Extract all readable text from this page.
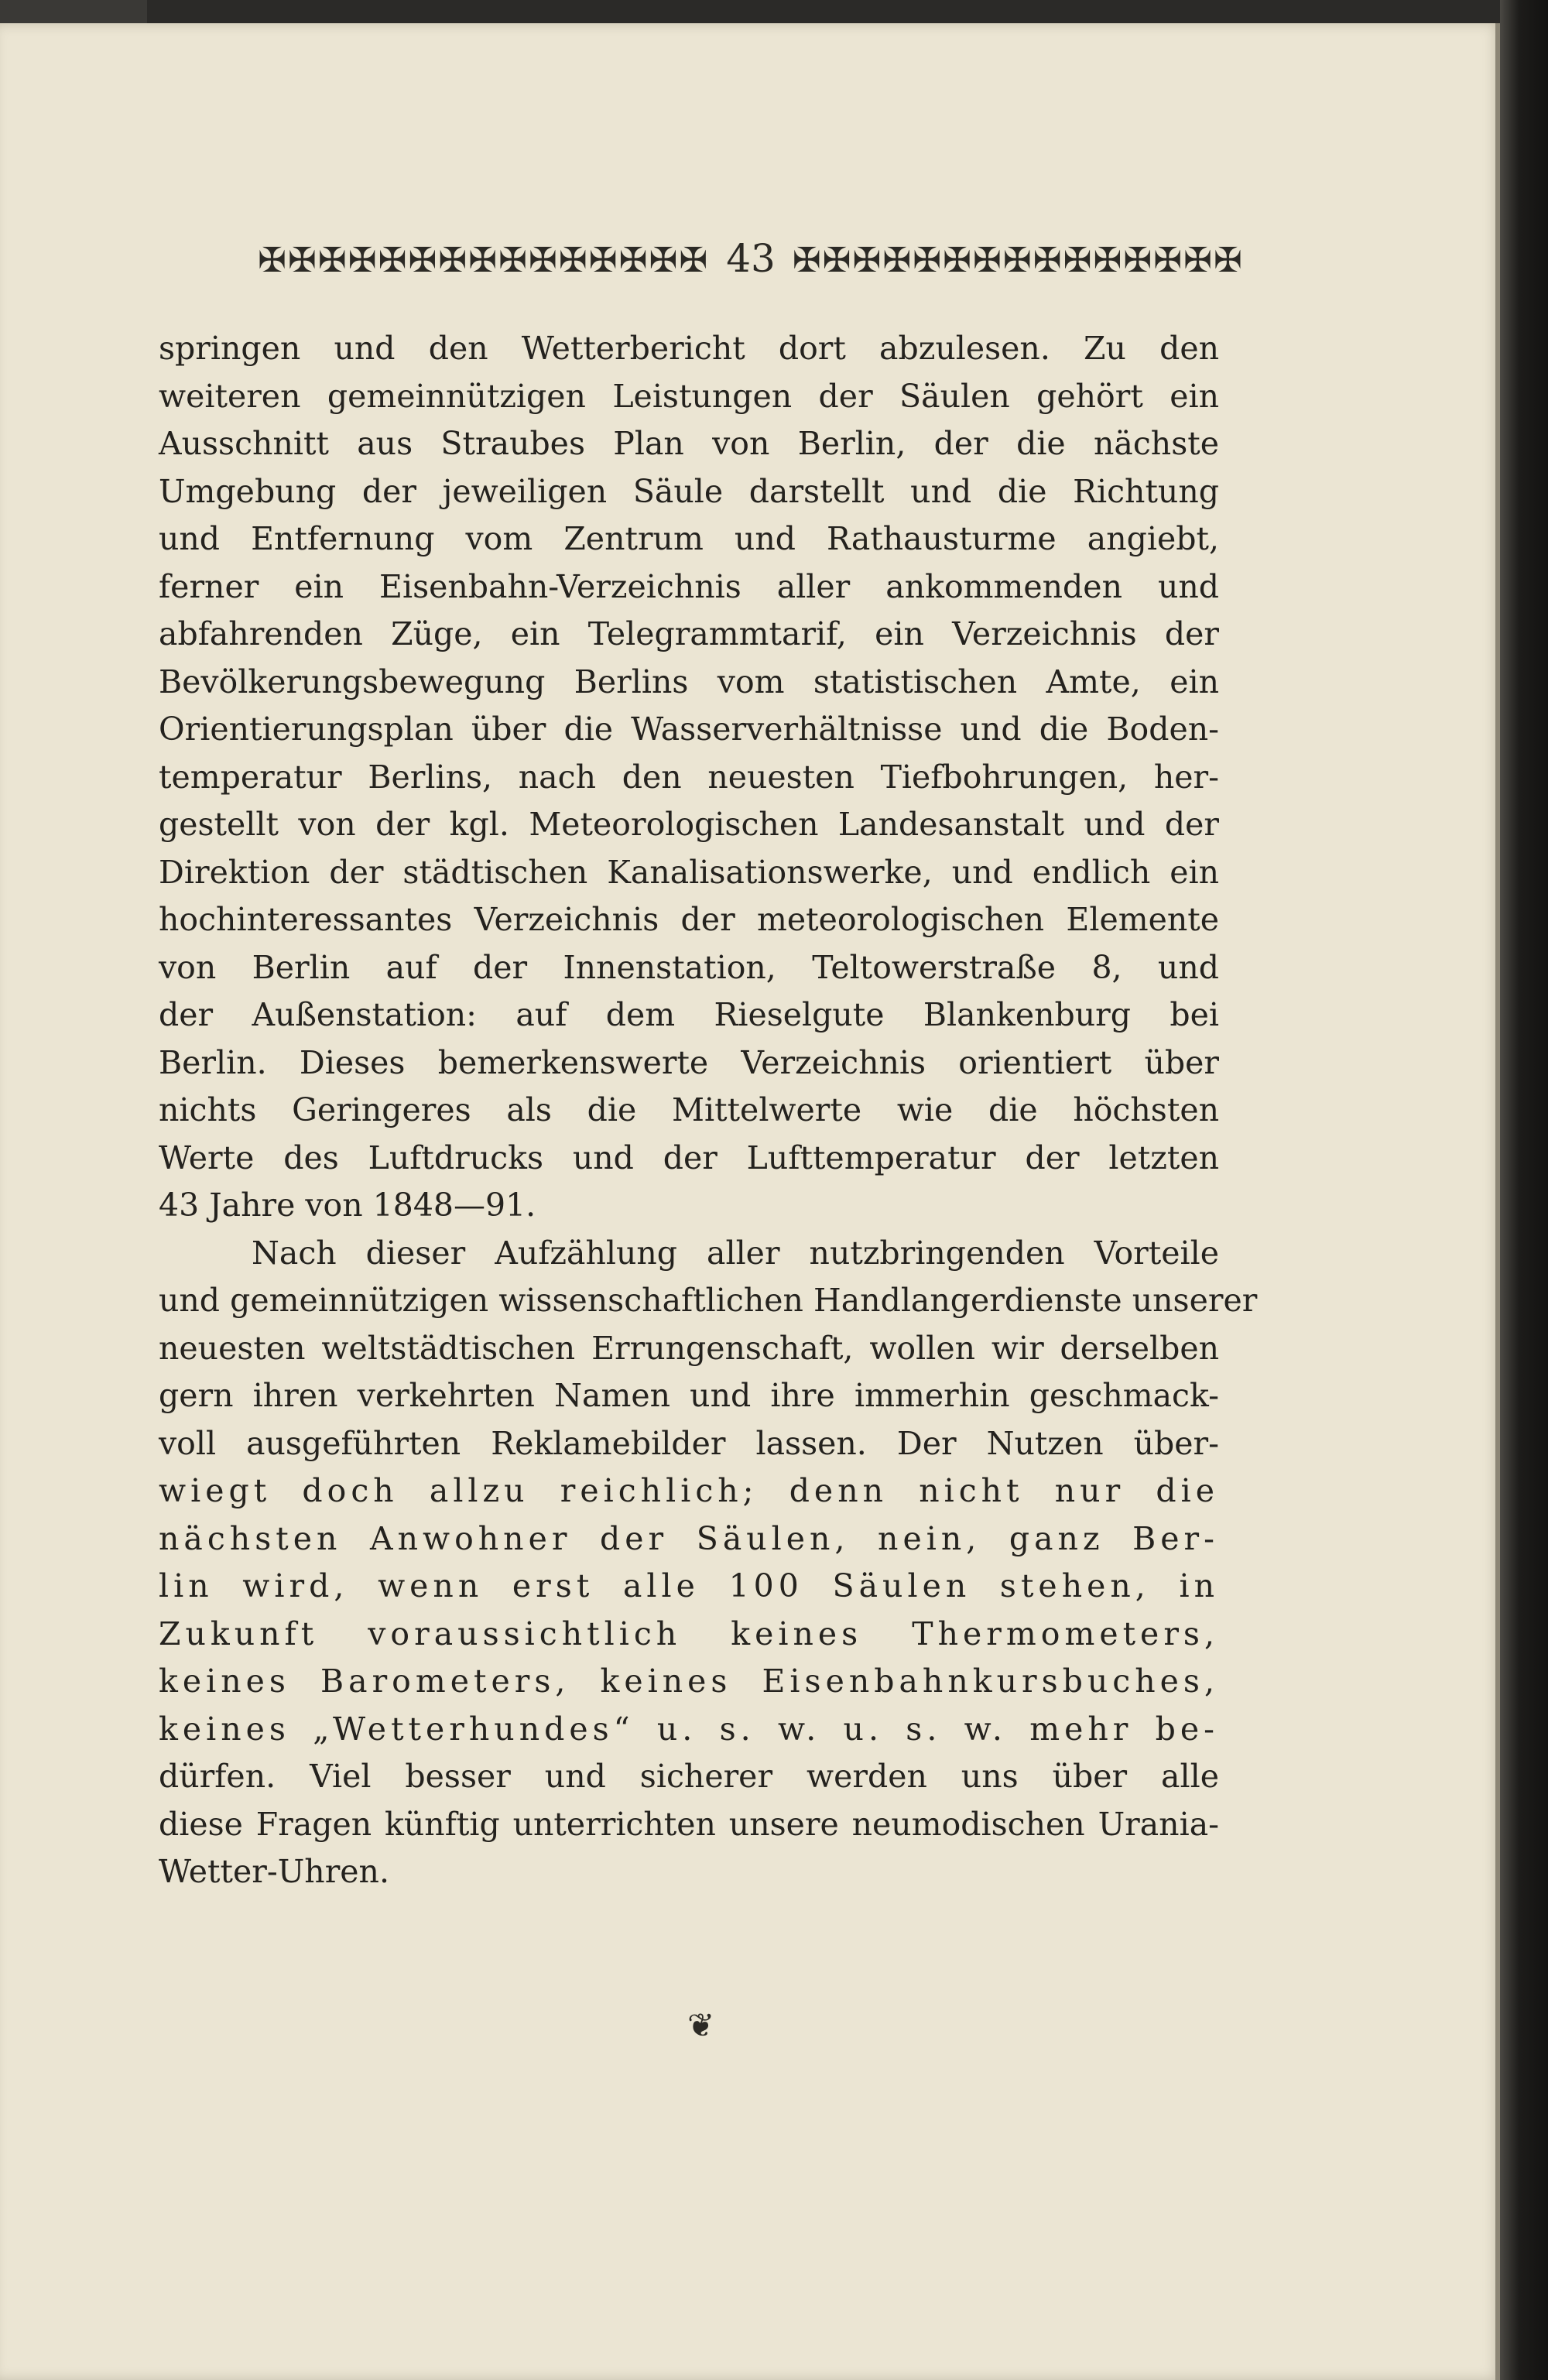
✠✠✠✠✠✠✠✠✠✠✠✠✠✠✠ 43 ✠✠✠✠✠✠✠✠✠✠✠✠✠✠✠
springen und den Wetterbericht dort abzulesen. Zu den
weiteren gemeinnützigen Leistungen der Säulen gehört ein
Ausschnitt aus Straubes Plan von Berlin, der die nächste
Umgebung der jeweiligen Säule darstellt und die Richtung
und Entfernung vom Zentrum und Rathausturme angiebt,
ferner ein Eisenbahn-Verzeichnis aller ankommenden und
abfahrenden Züge, ein Telegrammtarif, ein Verzeichnis der
Bevölkerungsbewegung Berlins vom statistischen Amte, ein
Orientierungsplan über die Wasserverhältnisse und die Boden-
temperatur Berlins, nach den neuesten Tiefbohrungen, her-
gestellt von der kgl. Meteorologischen Landesanstalt und der
Direktion der städtischen Kanalisationswerke, und endlich ein
hochinteressantes Verzeichnis der meteorologischen Elemente
von Berlin auf der Innenstation, Teltowerstraße 8, und
der Außenstation: auf dem Rieselgute Blankenburg bei
Berlin. Dieses bemerkenswerte Verzeichnis orientiert über
nichts Geringeres als die Mittelwerte wie die höchsten
Werte des Luftdrucks und der Lufttemperatur der letzten
43 Jahre von 1848—91.
Nach dieser Aufzählung aller nutzbringenden Vorteile
und gemeinnützigen wissenschaftlichen Handlangerdienste unserer
neuesten weltstädtischen Errungenschaft, wollen wir derselben
gern ihren verkehrten Namen und ihre immerhin geschmack-
voll ausgeführten Reklamebilder lassen. Der Nutzen über-
wiegt doch allzu reichlich; denn nicht nur die
nächsten Anwohner der Säulen, nein, ganz Ber-
lin wird, wenn erst alle 100 Säulen stehen, in
Zukunft voraussichtlich keines Thermometers,
keines Barometers, keines Eisenbahnkursbuches,
keines „Wetterhundes“ u. s. w. u. s. w. mehr be-
dürfen. Viel besser und sicherer werden uns über alle
diese Fragen künftig unterrichten unsere neumodischen Urania-
Wetter-Uhren.
❦
